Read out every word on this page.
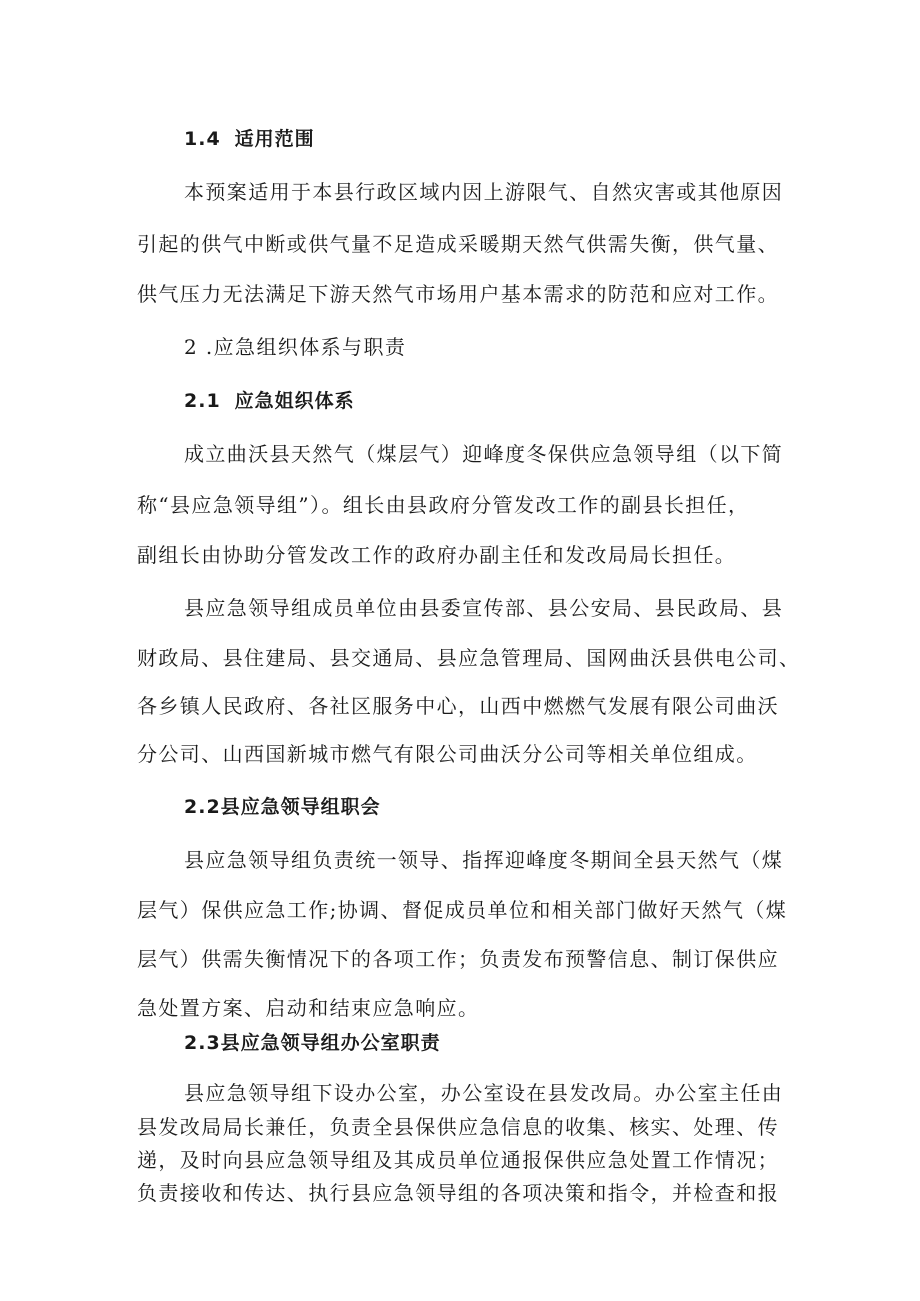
1.4 适用范围

本预案适用于本县行政区域内因上游限气、自然灾害或其他原因

引起的供气中断或供气量不足造成采暖期天然气供需失衡，供气量、

供气压力无法满足下游天然气市场用户基本需求的防范和应对工作。

2 .应急组织体系与职责

2.1 应急姐织体系

成立曲沃县天然气（煤层气）迎峰度冬保供应急领导组（以下简

称“县应急领导组”）。组长由县政府分管发改工作的副县长担任，

副组长由协助分管发改工作的政府办副主任和发改局局长担任。

县应急领导组成员单位由县委宣传部、县公安局、县民政局、县

财政局、县住建局、县交通局、县应急管理局、国网曲沃县供电公司、

各乡镇人民政府、各社区服务中心，山西中燃燃气发展有限公司曲沃

分公司、山西国新城市燃气有限公司曲沃分公司等相关单位组成。

2.2县应急领导组职会

县应急领导组负责统一领导、指挥迎峰度冬期间全县天然气（煤

层气）保供应急工作;协调、督促成员单位和相关部门做好天然气（煤

层气）供需失衡情况下的各项工作；负责发布预警信息、制订保供应

急处置方案、启动和结束应急响应。

2.3县应急领导组办公室职责

县应急领导组下设办公室，办公室设在县发改局。办公室主任由

县发改局局长兼任，负责全县保供应急信息的收集、核实、处理、传

递，及时向县应急领导组及其成员单位通报保供应急处置工作情况；

负责接收和传达、执行县应急领导组的各项决策和指令，并检查和报
